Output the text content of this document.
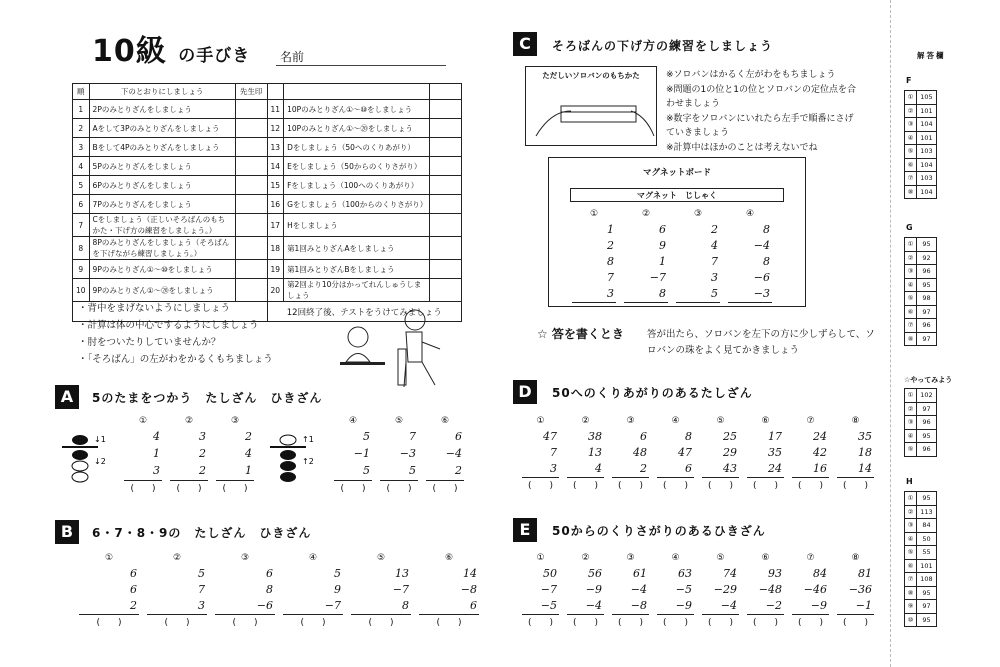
10級 の手びき 名前
順	下のとおりにしましょう	先生印			
1	2Pのみとりざんをしましょう		11	10Pのみとりざん①〜⑩をしましょう	
2	Aをして3Pのみとりざんをしましょう		12	10Pのみとりざん①〜⑳をしましょう	
3	Bをして4Pのみとりざんをしましょう		13	Dをしましょう（50へのくりあがり）	
4	5Pのみとりざんをしましょう		14	Eをしましょう（50からのくりさがり）	
5	6Pのみとりざんをしましょう		15	Fをしましょう（100へのくりあがり）	
6	7Pのみとりざんをしましょう		16	Gをしましょう（100からのくりさがり）	
7	Cをしましょう（正しいそろばんのもちかた・下げ方の練習をしましょう。）		17	Hをしましょう	
8	8Pのみとりざんをしましょう（そろばんを下げながら練習しましょう。）		18	第1回みとりざんAをしましょう	
9	9Pのみとりざん①〜⑩をしましょう		19	第1回みとりざんBをしましょう	
10	9Pのみとりざん①〜⑳をしましょう		20	第2回より10分はかってれんしゅうしましょう	
			12回終了後、テストをうけてみましょう		
・背中をまげないようにしましょう
・計算は体の中心でするようにしましょう
・肘をついたりしていませんか？
・「そろばん」の左がわをかるくもちましょう
A	5のたまをつかう　たしざん　ひきざん
↓1
↓2
↑1
↑2
①	②	③
4	3	2
1	2	4
3	2	1
(　　)	(　　)	(　　)
④	⑤	⑥
5	7	6
−1	−3	−4
5	5	2
(　　)	(　　)	(　　)
B	6・7・8・9の　たしざん　ひきざん
①	②	③	④	⑤	⑥
6	5	6	5	13	14
6	7	8	9	−7	−8
2	3	−6	−7	8	6
(　　)	(　　)	(　　)	(　　)	(　　)	(　　)
C	そろばんの下げ方の練習をしましょう
ただしいソロバンのもちかた	※ソロバンはかるく左がわをもちましょう
※問題の1の位と1の位とソロバンの定位点を合わせましょう
※数字をソロバンにいれたら左手で順番にさげていきましょう
※計算中はほかのことは考えないでね
マグネットボード
マグネット　じしゃく
①	②	③	④
1	6	2	8
2	9	4	−4
8	1	7	8
7	−7	3	−6
3	8	5	−3
☆ 答を書くとき 答が出たら、ソロバンを左下の方に少しずらして、ソロバンの珠をよく見てかきましょう
D	50へのくりあがりのあるたしざん
①	②	③	④	⑤	⑥	⑦	⑧
47	38	6	8	25	17	24	35
7	13	48	47	29	35	42	18
3	4	2	6	43	24	16	14
(　　)	(　　)	(　　)	(　　)	(　　)	(　　)	(　　)	(　　)
E	50からのくりさがりのあるひきざん
①	②	③	④	⑤	⑥	⑦	⑧
50	56	61	63	74	93	84	81
−7	−9	−4	−5	−29	−48	−46	−36
−5	−4	−8	−9	−4	−2	−9	−1
(　　)	(　　)	(　　)	(　　)	(　　)	(　　)	(　　)	(　　)
解答欄
F
①	105
②	101
③	104
④	101
⑤	103
⑥	104
⑦	103
⑧	104
G
①	95
②	92
③	96
④	95
⑤	98
⑥	97
⑦	96
⑧	97
☆やってみよう
①	102
②	97
③	96
④	95
⑤	96
H
①	95
②	113
③	84
④	50
⑤	55
⑥	101
⑦	108
⑧	95
⑨	97
⑩	95
